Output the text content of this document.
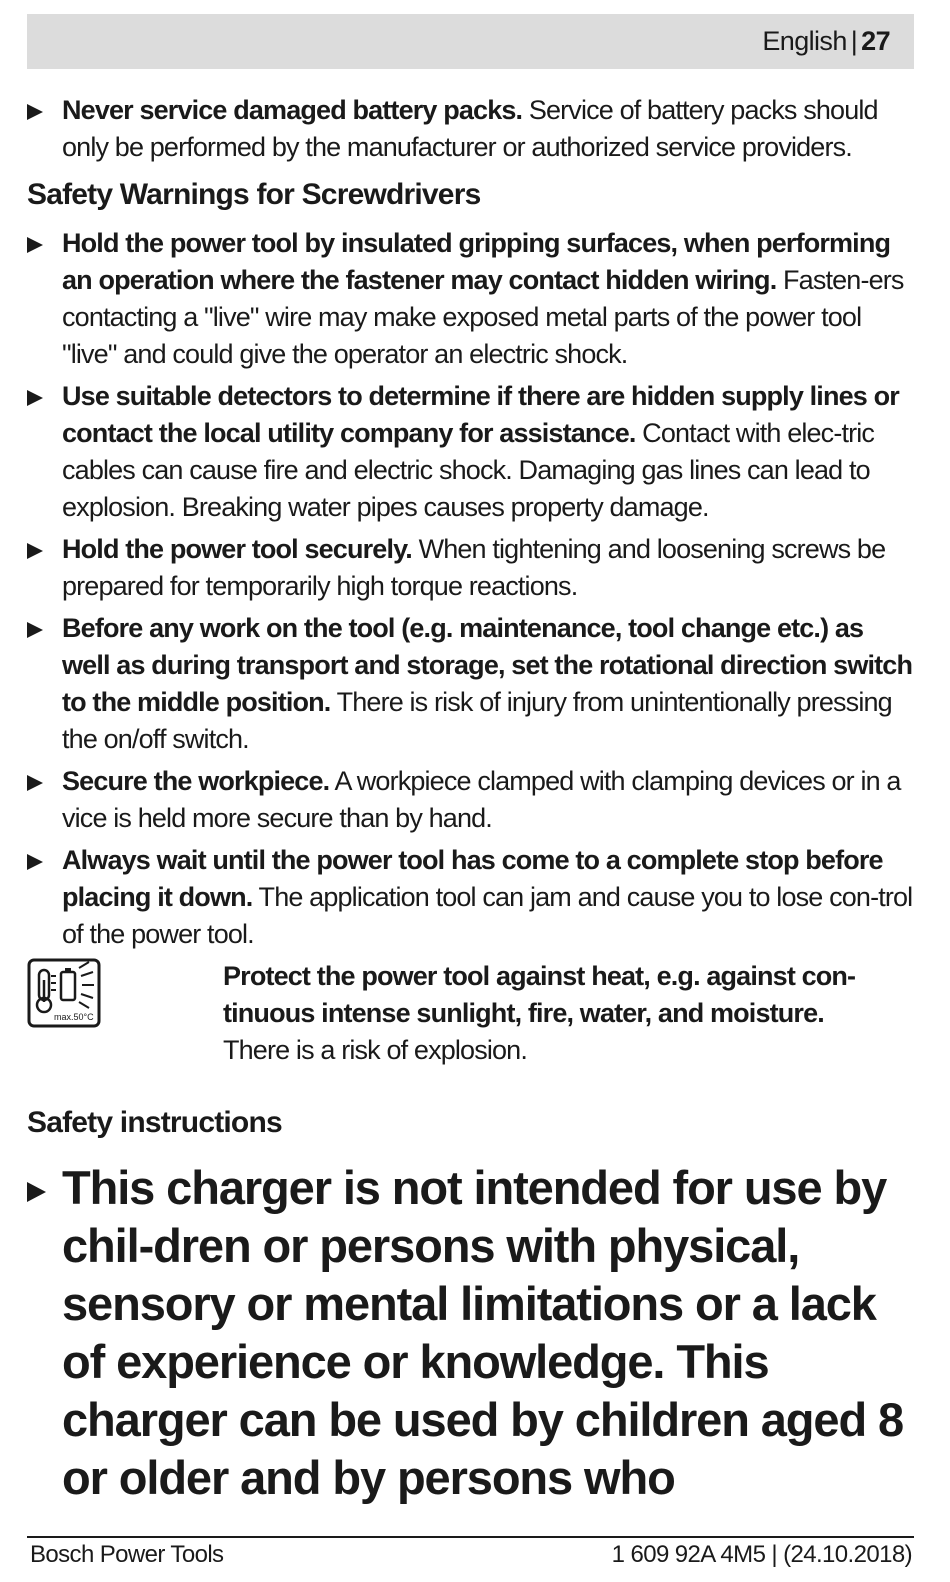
English | 27
Never service damaged battery packs. Service of battery packs should only be performed by the manufacturer or authorized service providers.
Safety Warnings for Screwdrivers
Hold the power tool by insulated gripping surfaces, when performing an operation where the fastener may contact hidden wiring. Fasten-ers contacting a "live" wire may make exposed metal parts of the power tool "live" and could give the operator an electric shock.
Use suitable detectors to determine if there are hidden supply lines or contact the local utility company for assistance. Contact with elec-tric cables can cause fire and electric shock. Damaging gas lines can lead to explosion. Breaking water pipes causes property damage.
Hold the power tool securely. When tightening and loosening screws be prepared for temporarily high torque reactions.
Before any work on the tool (e.g. maintenance, tool change etc.) as well as during transport and storage, set the rotational direction switch to the middle position. There is risk of injury from unintentionally pressing the on/off switch.
Secure the workpiece. A workpiece clamped with clamping devices or in a vice is held more secure than by hand.
Always wait until the power tool has come to a complete stop before placing it down. The application tool can jam and cause you to lose con-trol of the power tool.
max.50°C
Protect the power tool against heat, e.g. against con-tinuous intense sunlight, fire, water, and moisture.
There is a risk of explosion.
Safety instructions
This charger is not intended for use by chil-dren or persons with physical, sensory or mental limitations or a lack of experience or knowledge. This charger can be used by children aged 8 or older and by persons who
Bosch Power Tools	1 609 92A 4M5 | (24.10.2018)
